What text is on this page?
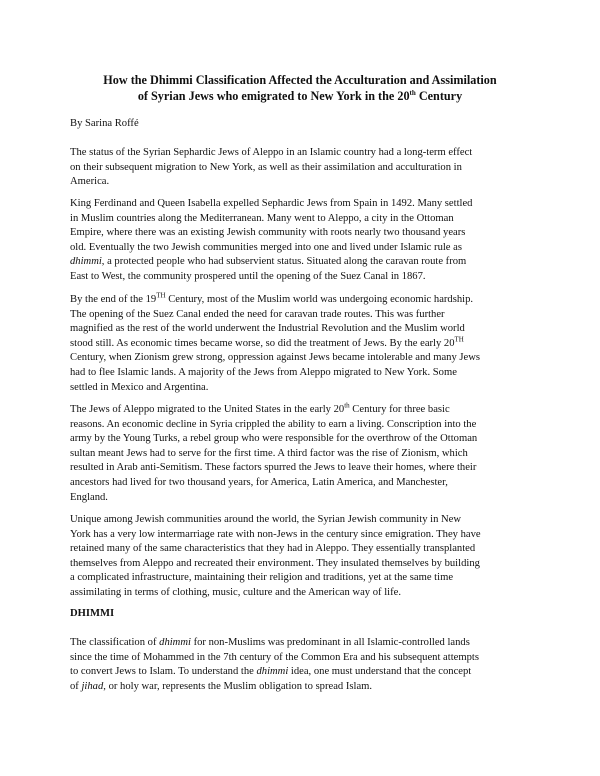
How the Dhimmi Classification Affected the Acculturation and Assimilation

of Syrian Jews who emigrated to New York in the 20th Century

By Sarina Roffé

The status of the Syrian Sephardic Jews of Aleppo in an Islamic country had a long-term effect
on their subsequent migration to New York, as well as their assimilation and acculturation in
America.

King Ferdinand and Queen Isabella expelled Sephardic Jews from Spain in 1492. Many settled
in Muslim countries along the Mediterranean. Many went to Aleppo, a city in the Ottoman
Empire, where there was an existing Jewish community with roots nearly two thousand years
old. Eventually the two Jewish communities merged into one and lived under Islamic rule as
dhimmi, a protected people who had subservient status. Situated along the caravan route from
East to West, the community prospered until the opening of the Suez Canal in 1867.

By the end of the 19TH Century, most of the Muslim world was undergoing economic hardship.
The opening of the Suez Canal ended the need for caravan trade routes. This was further
magnified as the rest of the world underwent the Industrial Revolution and the Muslim world
stood still. As economic times became worse, so did the treatment of Jews. By the early 20TH
Century, when Zionism grew strong, oppression against Jews became intolerable and many Jews
had to flee Islamic lands. A majority of the Jews from Aleppo migrated to New York. Some
settled in Mexico and Argentina.

The Jews of Aleppo migrated to the United States in the early 20th Century for three basic
reasons. An economic decline in Syria crippled the ability to earn a living. Conscription into the
army by the Young Turks, a rebel group who were responsible for the overthrow of the Ottoman
sultan meant Jews had to serve for the first time. A third factor was the rise of Zionism, which
resulted in Arab anti-Semitism. These factors spurred the Jews to leave their homes, where their
ancestors had lived for two thousand years, for America, Latin America, and Manchester,
England.

Unique among Jewish communities around the world, the Syrian Jewish community in New
York has a very low intermarriage rate with non-Jews in the century since emigration. They have
retained many of the same characteristics that they had in Aleppo. They essentially transplanted
themselves from Aleppo and recreated their environment. They insulated themselves by building
a complicated infrastructure, maintaining their religion and traditions, yet at the same time
assimilating in terms of clothing, music, culture and the American way of life.

DHIMMI

The classification of dhimmi for non-Muslims was predominant in all Islamic-controlled lands
since the time of Mohammed in the 7th century of the Common Era and his subsequent attempts
to convert Jews to Islam. To understand the dhimmi idea, one must understand that the concept
of jihad, or holy war, represents the Muslim obligation to spread Islam.
